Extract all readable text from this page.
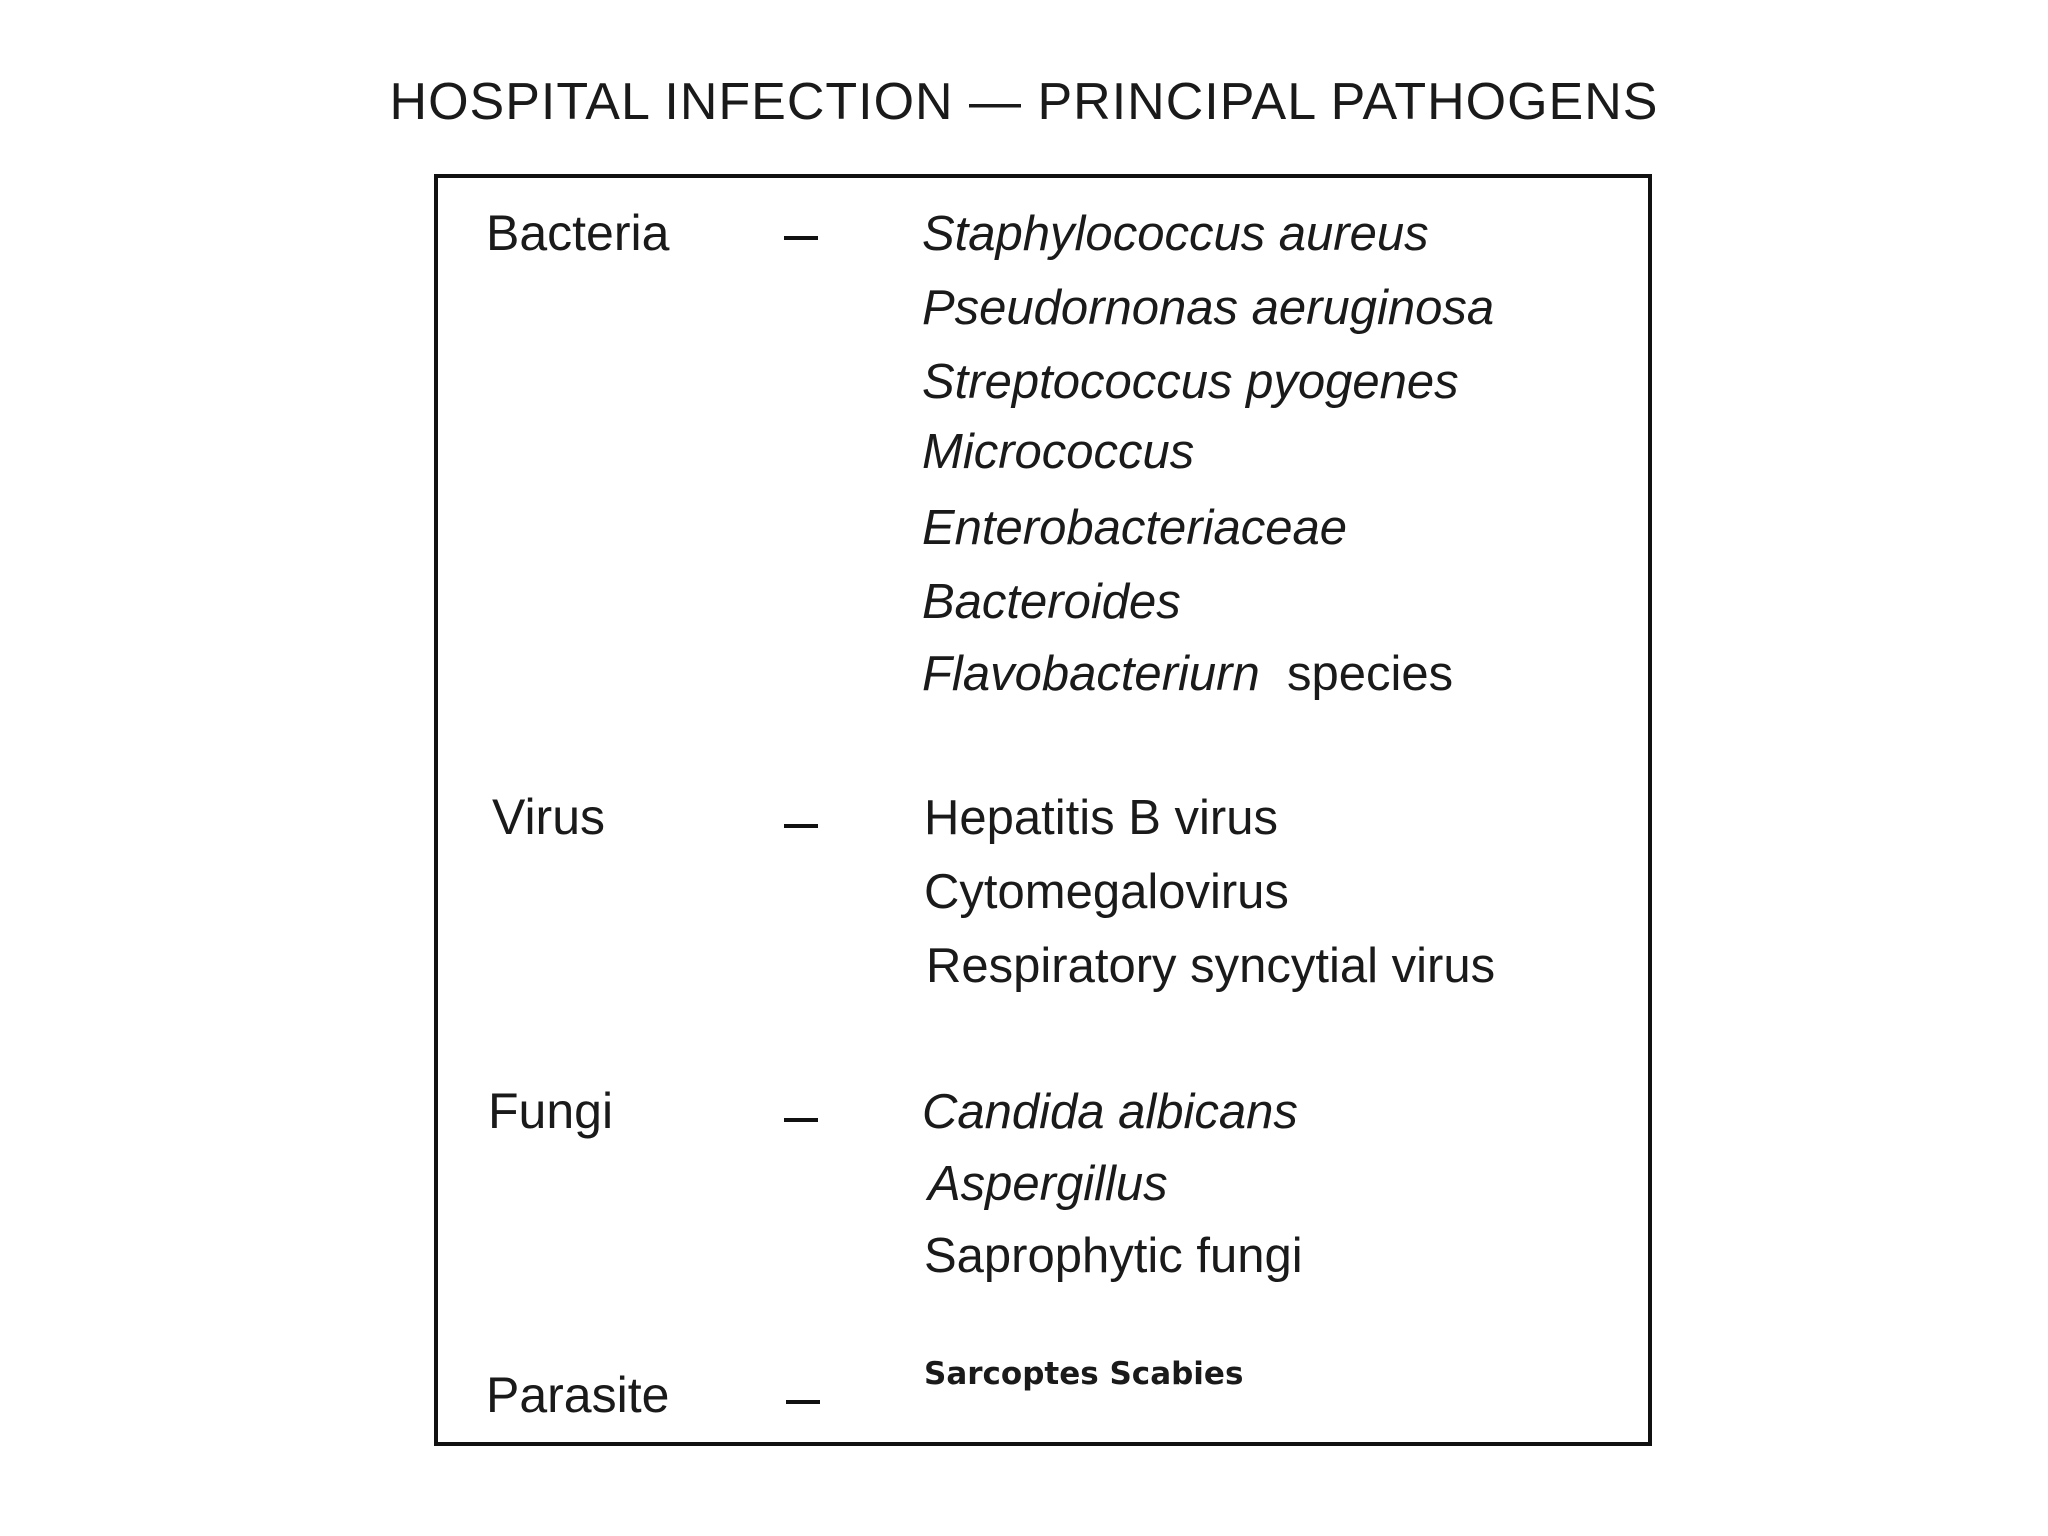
HOSPITAL INFECTION — PRINCIPAL PATHOGENS
Bacteria	Staphylococcus aureus
Pseudornonas aeruginosa
Streptococcus pyogenes
Micrococcus
Enterobacteriaceae
Bacteroides
Flavobacteriurn species
Virus	Hepatitis B virus
Cytomegalovirus
Respiratory syncytial virus
Fungi	Candida albicans
Aspergillus
Saprophytic fungi
Parasite	Sarcoptes Scabies
